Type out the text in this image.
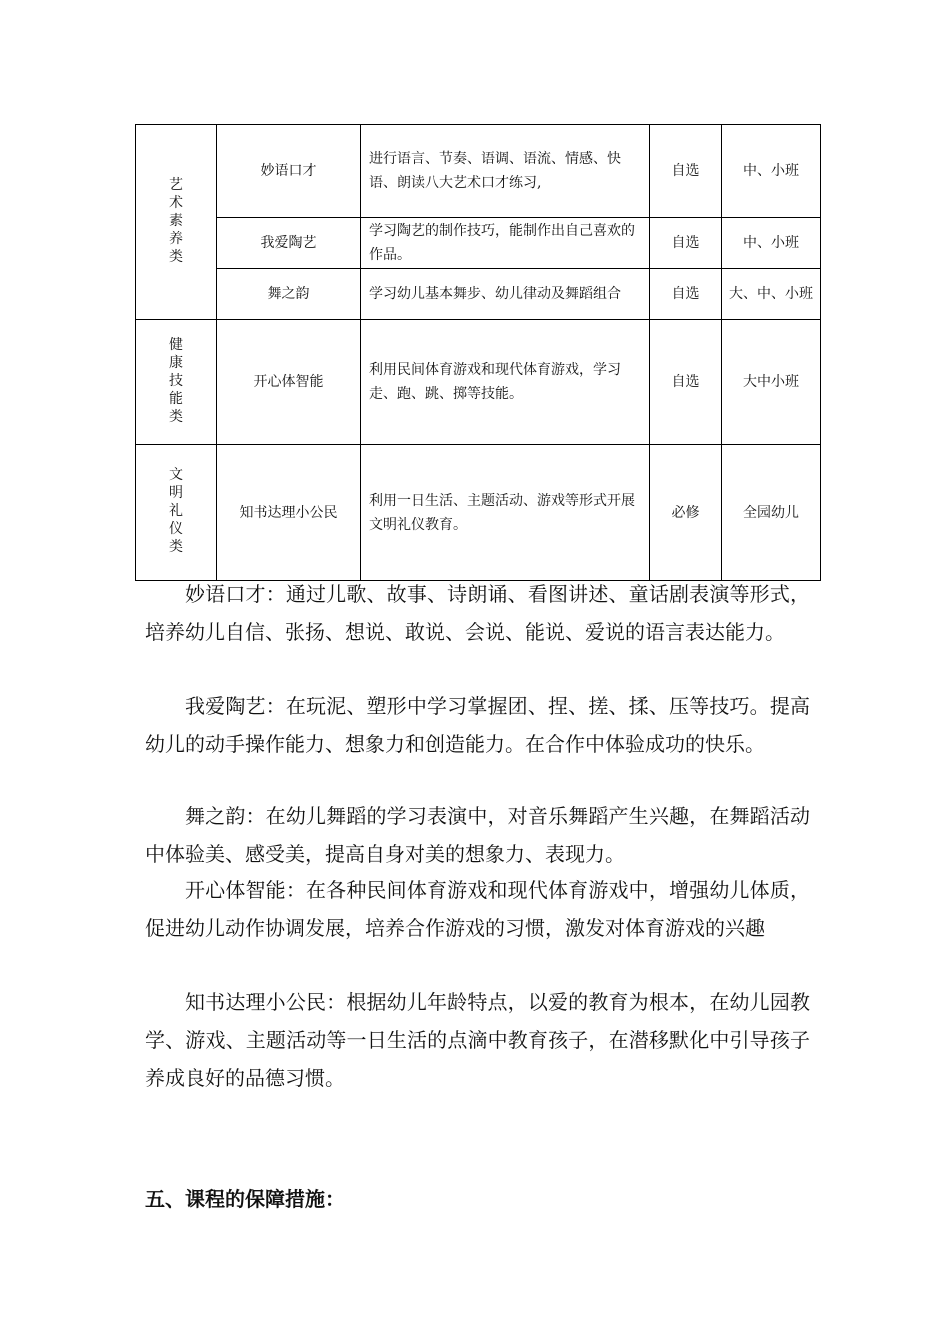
艺术素养类	妙语口才	进行语言、节奏、语调、语流、情感、快语、朗读八大艺术口才练习,	自选	中、小班
	我爱陶艺	学习陶艺的制作技巧，能制作出自己喜欢的作品。	自选	中、小班
	舞之韵	学习幼儿基本舞步、幼儿律动及舞蹈组合	自选	大、中、小班
健康技能类	开心体智能	利用民间体育游戏和现代体育游戏，学习走、跑、跳、掷等技能。	自选	大中小班
文明礼仪类	知书达理小公民	利用一日生活、主题活动、游戏等形式开展文明礼仪教育。	必修	全园幼儿

妙语口才：通过儿歌、故事、诗朗诵、看图讲述、童话剧表演等形式，培养幼儿自信、张扬、想说、敢说、会说、能说、爱说的语言表达能力。

我爱陶艺：在玩泥、塑形中学习掌握团、捏、搓、揉、压等技巧。提高幼儿的动手操作能力、想象力和创造能力。在合作中体验成功的快乐。

舞之韵：在幼儿舞蹈的学习表演中，对音乐舞蹈产生兴趣，在舞蹈活动中体验美、感受美，提高自身对美的想象力、表现力。

开心体智能：在各种民间体育游戏和现代体育游戏中，增强幼儿体质，促进幼儿动作协调发展，培养合作游戏的习惯，激发对体育游戏的兴趣

知书达理小公民：根据幼儿年龄特点，以爱的教育为根本，在幼儿园教学、游戏、主题活动等一日生活的点滴中教育孩子，在潜移默化中引导孩子养成良好的品德习惯。

五、课程的保障措施：
